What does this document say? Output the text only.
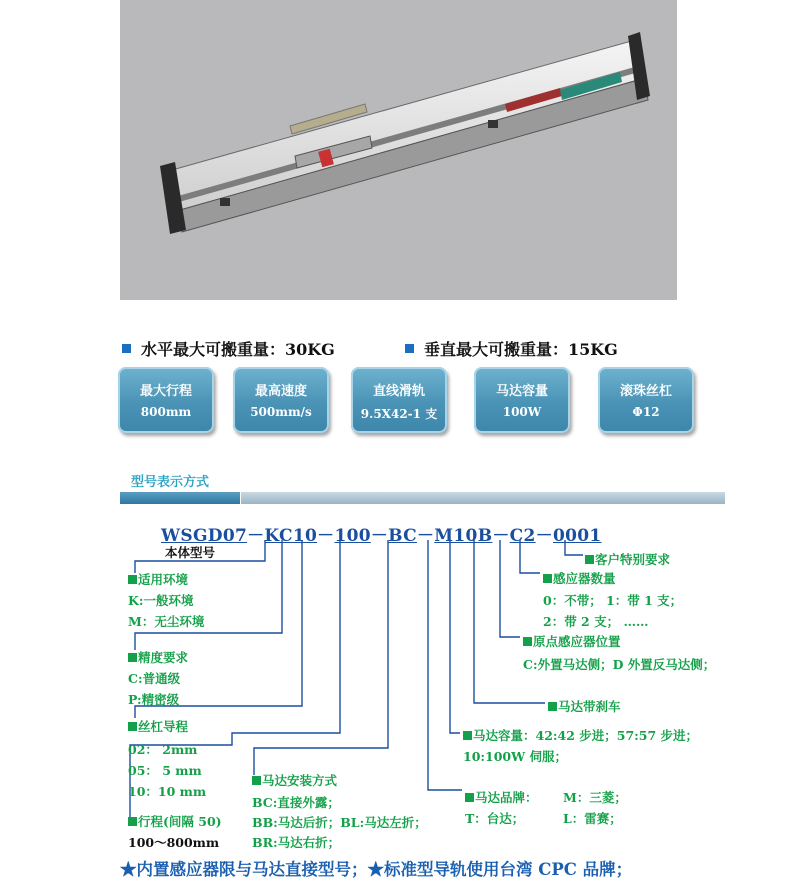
水平最大可搬重量：30KG	垂直最大可搬重量：15KG
最大行程
800mm
最高速度
500mm/s
直线滑轨
9.5X42-1 支
马达容量
100W
滚珠丝杠
Φ12
型号表示方式
WSGD07－KC10－100－BC－M10B－C2－0001
本体型号
适用环境
K:一般环境
M：无尘环境
精度要求
C:普通级
P:精密级
丝杠导程
02： 2mm
05： 5 mm
10：10 mm
行程(间隔 50)
100～800mm
马达安装方式
BC:直接外露；
BB:马达后折；BL:马达左折；
BR:马达右折；
马达品牌： M：三菱；
T：台达；	L：雷赛；
马达容量：42:42 步进；57:57 步进；
10:100W 伺服；
马达带刹车
原点感应器位置
C:外置马达侧；D 外置反马达侧；
感应器数量
0：不带； 1：带 1 支；
2：带 2 支； ……
客户特别要求
★内置感应器限与马达直接型号；★标准型导轨使用台湾 CPC 品牌；
